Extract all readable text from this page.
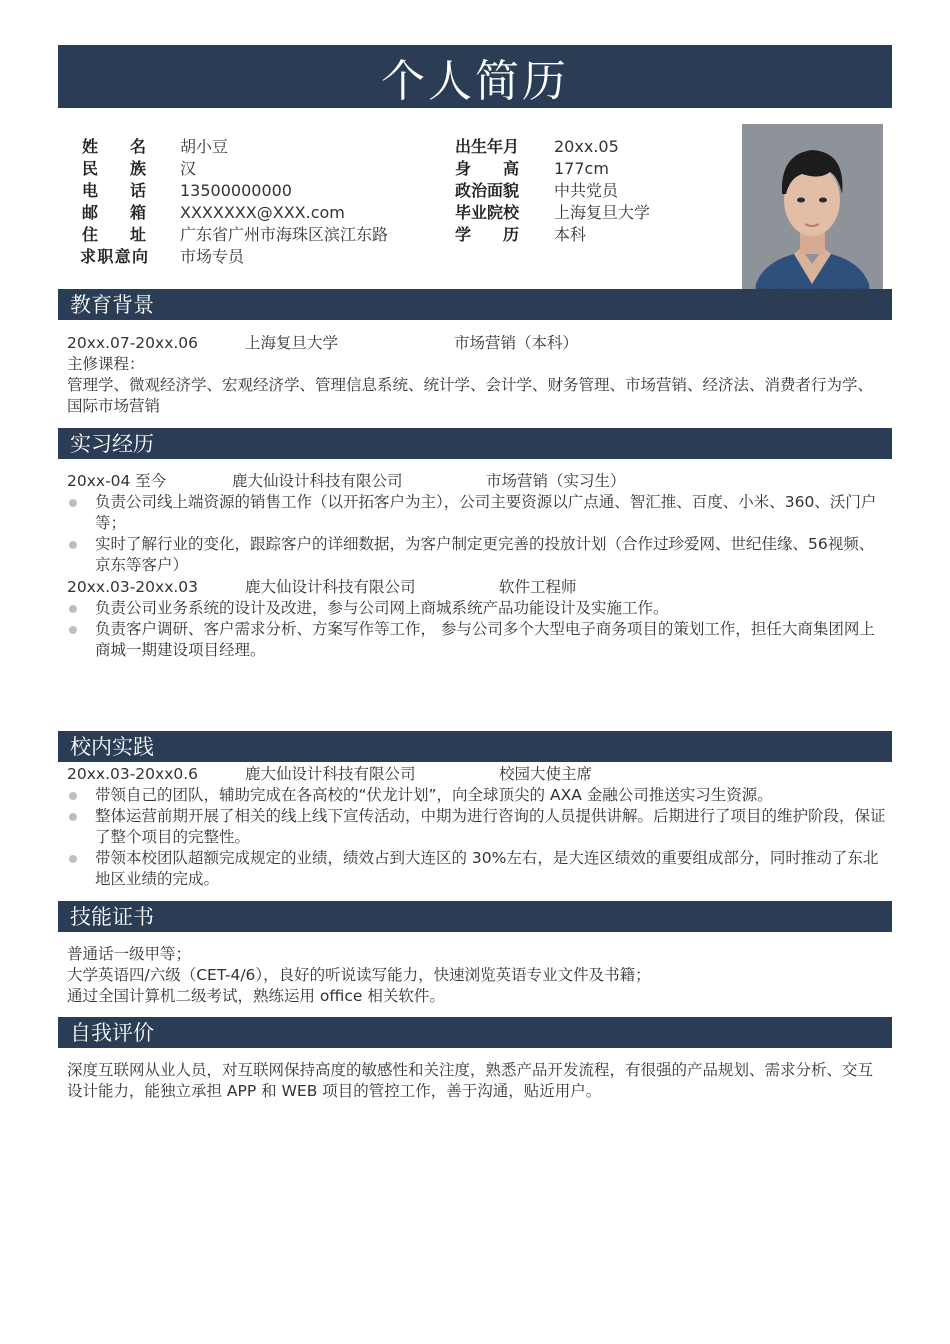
个人简历
姓名 胡小豆	出生年月 20xx.05
民族 汉	身高 177cm
电话 13500000000	政治面貌 中共党员
邮箱 XXXXXXX@XXX.com	毕业院校 上海复旦大学
住址 广东省广州市海珠区滨江东路	学历 本科
求职意向 市场专员
教育背景
20xx.07-20xx.06	上海复旦大学	市场营销（本科）
主修课程：
管理学、微观经济学、宏观经济学、管理信息系统、统计学、会计学、财务管理、市场营销、经济法、消费者行为学、国际市场营销
实习经历
20xx-04 至今	鹿大仙设计科技有限公司	市场营销（实习生）
负责公司线上端资源的销售工作（以开拓客户为主），公司主要资源以广点通、智汇推、百度、小米、360、沃门户等；
实时了解行业的变化，跟踪客户的详细数据，为客户制定更完善的投放计划（合作过珍爱网、世纪佳缘、56视频、京东等客户）
20xx.03-20xx.03	鹿大仙设计科技有限公司	软件工程师
负责公司业务系统的设计及改进，参与公司网上商城系统产品功能设计及实施工作。
负责客户调研、客户需求分析、方案写作等工作， 参与公司多个大型电子商务项目的策划工作，担任大商集团网上商城一期建设项目经理。
校内实践
20xx.03-20xx0.6	鹿大仙设计科技有限公司	校园大使主席
带领自己的团队，辅助完成在各高校的“伏龙计划”，向全球顶尖的 AXA 金融公司推送实习生资源。
整体运营前期开展了相关的线上线下宣传活动，中期为进行咨询的人员提供讲解。后期进行了项目的维护阶段，保证了整个项目的完整性。
带领本校团队超额完成规定的业绩，绩效占到大连区的 30%左右，是大连区绩效的重要组成部分，同时推动了东北地区业绩的完成。
技能证书
普通话一级甲等；
大学英语四/六级（CET-4/6），良好的听说读写能力，快速浏览英语专业文件及书籍；
通过全国计算机二级考试，熟练运用 office 相关软件。
自我评价
深度互联网从业人员，对互联网保持高度的敏感性和关注度，熟悉产品开发流程，有很强的产品规划、需求分析、交互设计能力，能独立承担 APP 和 WEB 项目的管控工作，善于沟通，贴近用户。
